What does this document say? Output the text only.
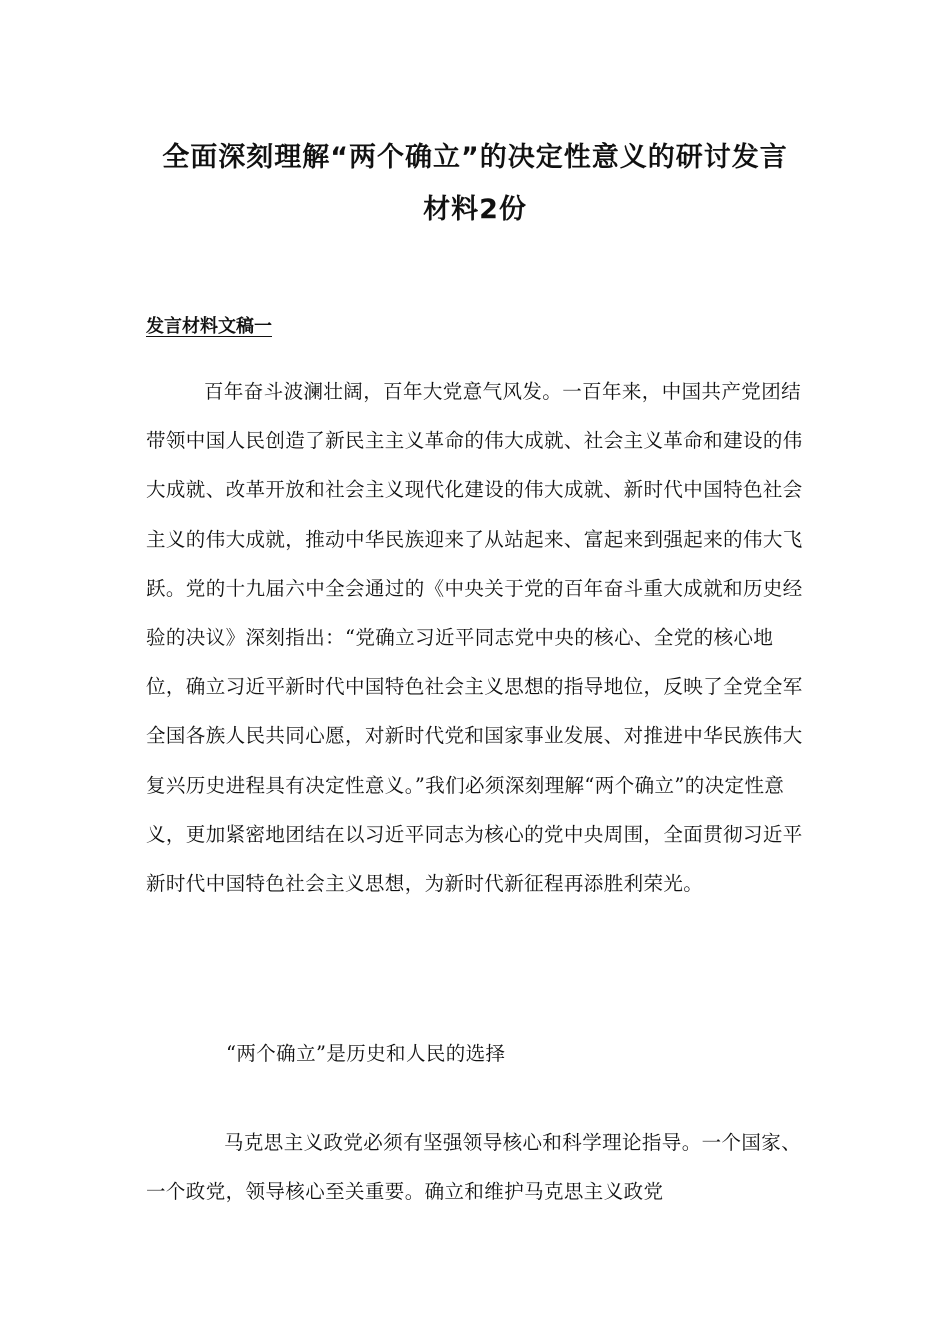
全面深刻理解“两个确立”的决定性意义的研讨发言
材料2份
发言材料文稿一

百年奋斗波澜壮阔，百年大党意气风发。一百年来，中国共产党团结带领中国人民创造了新民主主义革命的伟大成就、社会主义革命和建设的伟大成就、改革开放和社会主义现代化建设的伟大成就、新时代中国特色社会主义的伟大成就，推动中华民族迎来了从站起来、富起来到强起来的伟大飞跃。党的十九届六中全会通过的《中央关于党的百年奋斗重大成就和历史经验的决议》深刻指出：“党确立习近平同志党中央的核心、全党的核心地位，确立习近平新时代中国特色社会主义思想的指导地位，反映了全党全军全国各族人民共同心愿，对新时代党和国家事业发展、对推进中华民族伟大复兴历史进程具有决定性意义。”我们必须深刻理解“两个确立”的决定性意义，更加紧密地团结在以习近平同志为核心的党中央周围，全面贯彻习近平新时代中国特色社会主义思想，为新时代新征程再添胜利荣光。

“两个确立”是历史和人民的选择

马克思主义政党必须有坚强领导核心和科学理论指导。一个国家、一个政党，领导核心至关重要。确立和维护马克思主义政党
